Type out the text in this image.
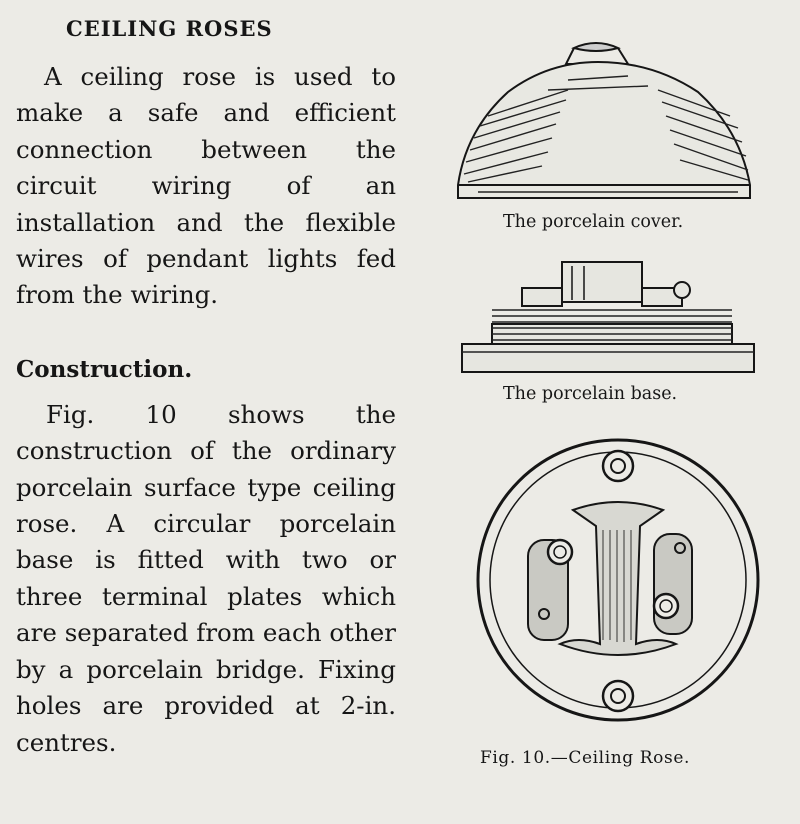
CEILING ROSES

A ceiling rose is used to make a safe and efficient connection between the circuit wiring of an installation and the flexible wires of pendant lights fed from the wiring.

Construction.

Fig. 10 shows the construction of the ordinary porcelain surface type ceiling rose. A circular porcelain base is fitted with two or three terminal plates which are separated from each other by a porcelain bridge. Fixing holes are provided at 2-in. centres.

The porcelain cover.
The porcelain base.
Fig. 10.—Ceiling Rose.
